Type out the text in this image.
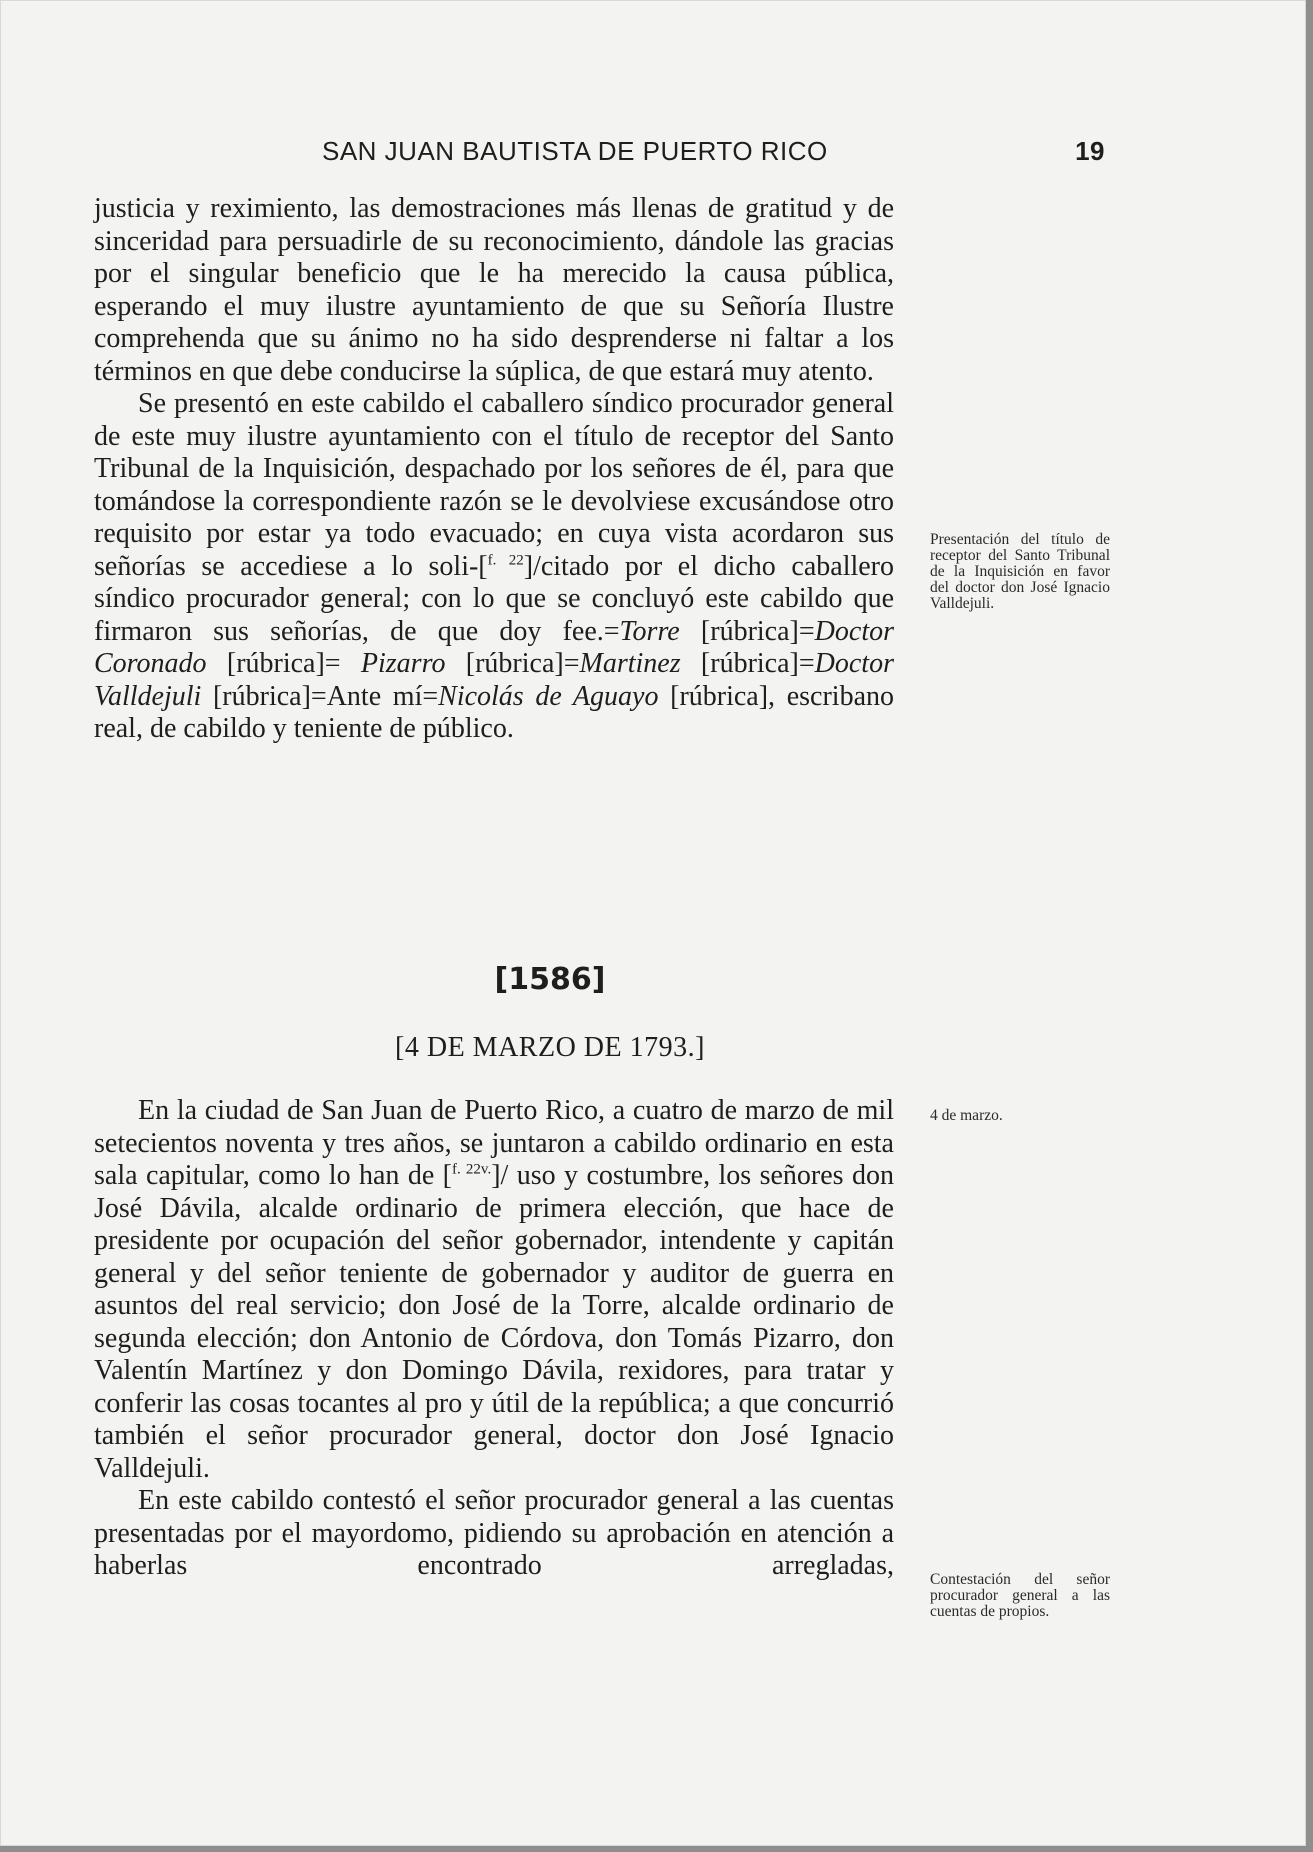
SAN JUAN BAUTISTA DE PUERTO RICO	19

justicia y reximiento, las demostraciones más llenas de gratitud y de sinceridad para persuadirle de su reconocimiento, dándole las gracias por el singular beneficio que le ha merecido la causa pública, esperando el muy ilustre ayuntamiento de que su Señoría Ilustre comprehenda que su ánimo no ha sido desprenderse ni faltar a los términos en que debe conducirse la súplica, de que estará muy atento.

Se presentó en este cabildo el caballero síndico procurador general de este muy ilustre ayuntamiento con el título de receptor del Santo Tribunal de la Inquisición, despachado por los señores de él, para que tomándose la correspondiente razón se le devolviese excusándose otro requisito por estar ya todo evacuado; en cuya vista acordaron sus señorías se accediese a lo soli-[$^{f. 22}$]/citado por el dicho caballero síndico procurador general; con lo que se concluyó este cabildo que firmaron sus señorías, de que doy fee.=Torre [rúbrica]=Doctor Coronado [rúbrica]= Pizarro [rúbrica]=Martinez [rúbrica]=Doctor Valldejuli [rúbrica]=Ante mí=Nicolás de Aguayo [rúbrica], escribano real, de cabildo y teniente de público.

[1586]
[4 DE MARZO DE 1793.]

En la ciudad de San Juan de Puerto Rico, a cuatro de marzo de mil setecientos noventa y tres años, se juntaron a cabildo ordinario en esta sala capitular, como lo han de [$^{f. 22v.}$]/ uso y costumbre, los señores don José Dávila, alcalde ordinario de primera elección, que hace de presidente por ocupación del señor gobernador, intendente y capitán general y del señor teniente de gobernador y auditor de guerra en asuntos del real servicio; don José de la Torre, alcalde ordinario de segunda elección; don Antonio de Córdova, don Tomás Pizarro, don Valentín Martínez y don Domingo Dávila, rexidores, para tratar y conferir las cosas tocantes al pro y útil de la república; a que concurrió también el señor procurador general, doctor don José Ignacio Valldejuli.

En este cabildo contestó el señor procurador general a las cuentas presentadas por el mayordomo, pidiendo su aprobación en atención a haberlas encontrado arregladas,

Presentación del título de receptor del Santo Tribunal de la Inquisición en favor del doctor don José Ignacio Valldejuli.
4 de marzo.
Contestación del señor procurador general a las cuentas de propios.
